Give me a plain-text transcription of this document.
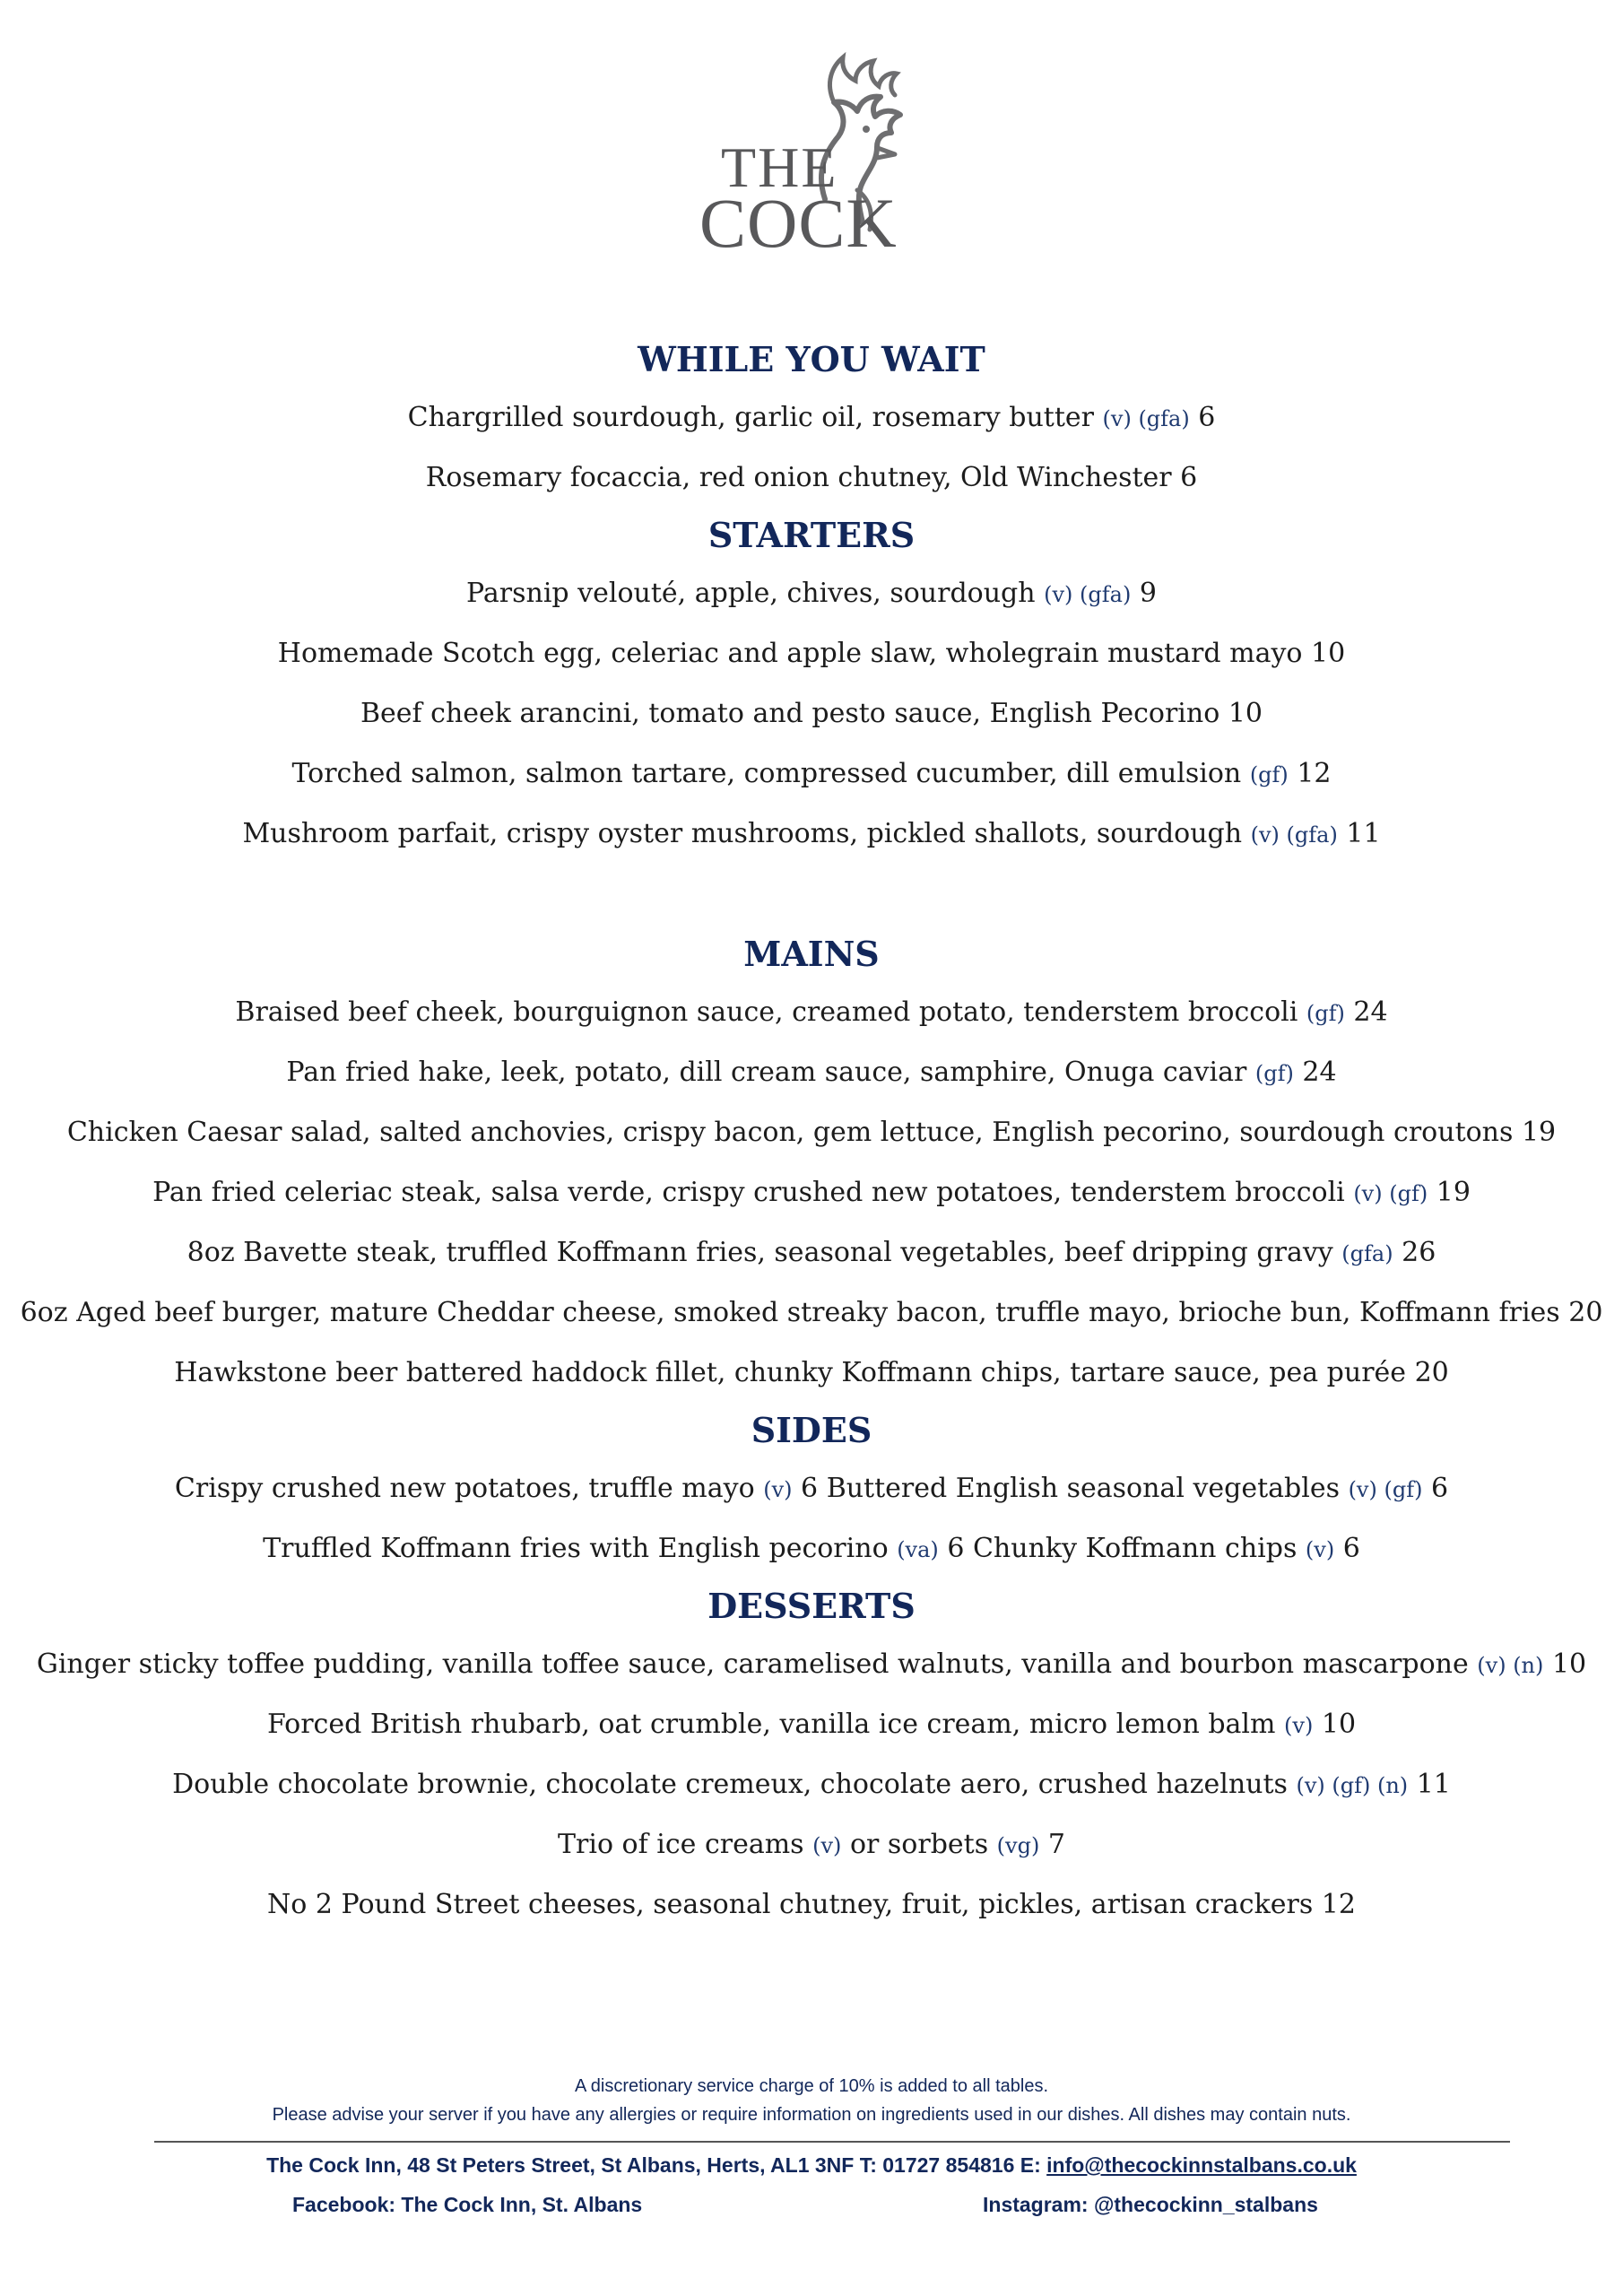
THE
COCK
WHILE YOU WAIT
Chargrilled sourdough, garlic oil, rosemary butter (v) (gfa) 6
Rosemary focaccia, red onion chutney, Old Winchester 6
STARTERS
Parsnip velouté, apple, chives, sourdough (v) (gfa) 9
Homemade Scotch egg, celeriac and apple slaw, wholegrain mustard mayo 10
Beef cheek arancini, tomato and pesto sauce, English Pecorino 10
Torched salmon, salmon tartare, compressed cucumber, dill emulsion (gf) 12
Mushroom parfait, crispy oyster mushrooms, pickled shallots, sourdough (v) (gfa) 11
MAINS
Braised beef cheek, bourguignon sauce, creamed potato, tenderstem broccoli (gf) 24
Pan fried hake, leek, potato, dill cream sauce, samphire, Onuga caviar (gf) 24
Chicken Caesar salad, salted anchovies, crispy bacon, gem lettuce, English pecorino, sourdough croutons 19
Pan fried celeriac steak, salsa verde, crispy crushed new potatoes, tenderstem broccoli (v) (gf) 19
8oz Bavette steak, truffled Koffmann fries, seasonal vegetables, beef dripping gravy (gfa) 26
6oz Aged beef burger, mature Cheddar cheese, smoked streaky bacon, truffle mayo, brioche bun, Koffmann fries 20
Hawkstone beer battered haddock fillet, chunky Koffmann chips, tartare sauce, pea purée 20
SIDES
Crispy crushed new potatoes, truffle mayo (v) 6 Buttered English seasonal vegetables (v) (gf) 6
Truffled Koffmann fries with English pecorino (va) 6 Chunky Koffmann chips (v) 6
DESSERTS
Ginger sticky toffee pudding, vanilla toffee sauce, caramelised walnuts, vanilla and bourbon mascarpone (v) (n) 10
Forced British rhubarb, oat crumble, vanilla ice cream, micro lemon balm (v) 10
Double chocolate brownie, chocolate cremeux, chocolate aero, crushed hazelnuts (v) (gf) (n) 11
Trio of ice creams (v) or sorbets (vg) 7
No 2 Pound Street cheeses, seasonal chutney, fruit, pickles, artisan crackers 12
A discretionary service charge of 10% is added to all tables.
Please advise your server if you have any allergies or require information on ingredients used in our dishes. All dishes may contain nuts.
The Cock Inn, 48 St Peters Street, St Albans, Herts, AL1 3NF T: 01727 854816 E: info@thecockinnstalbans.co.uk
Facebook: The Cock Inn, St. Albans	Instagram: @thecockinn_stalbans
